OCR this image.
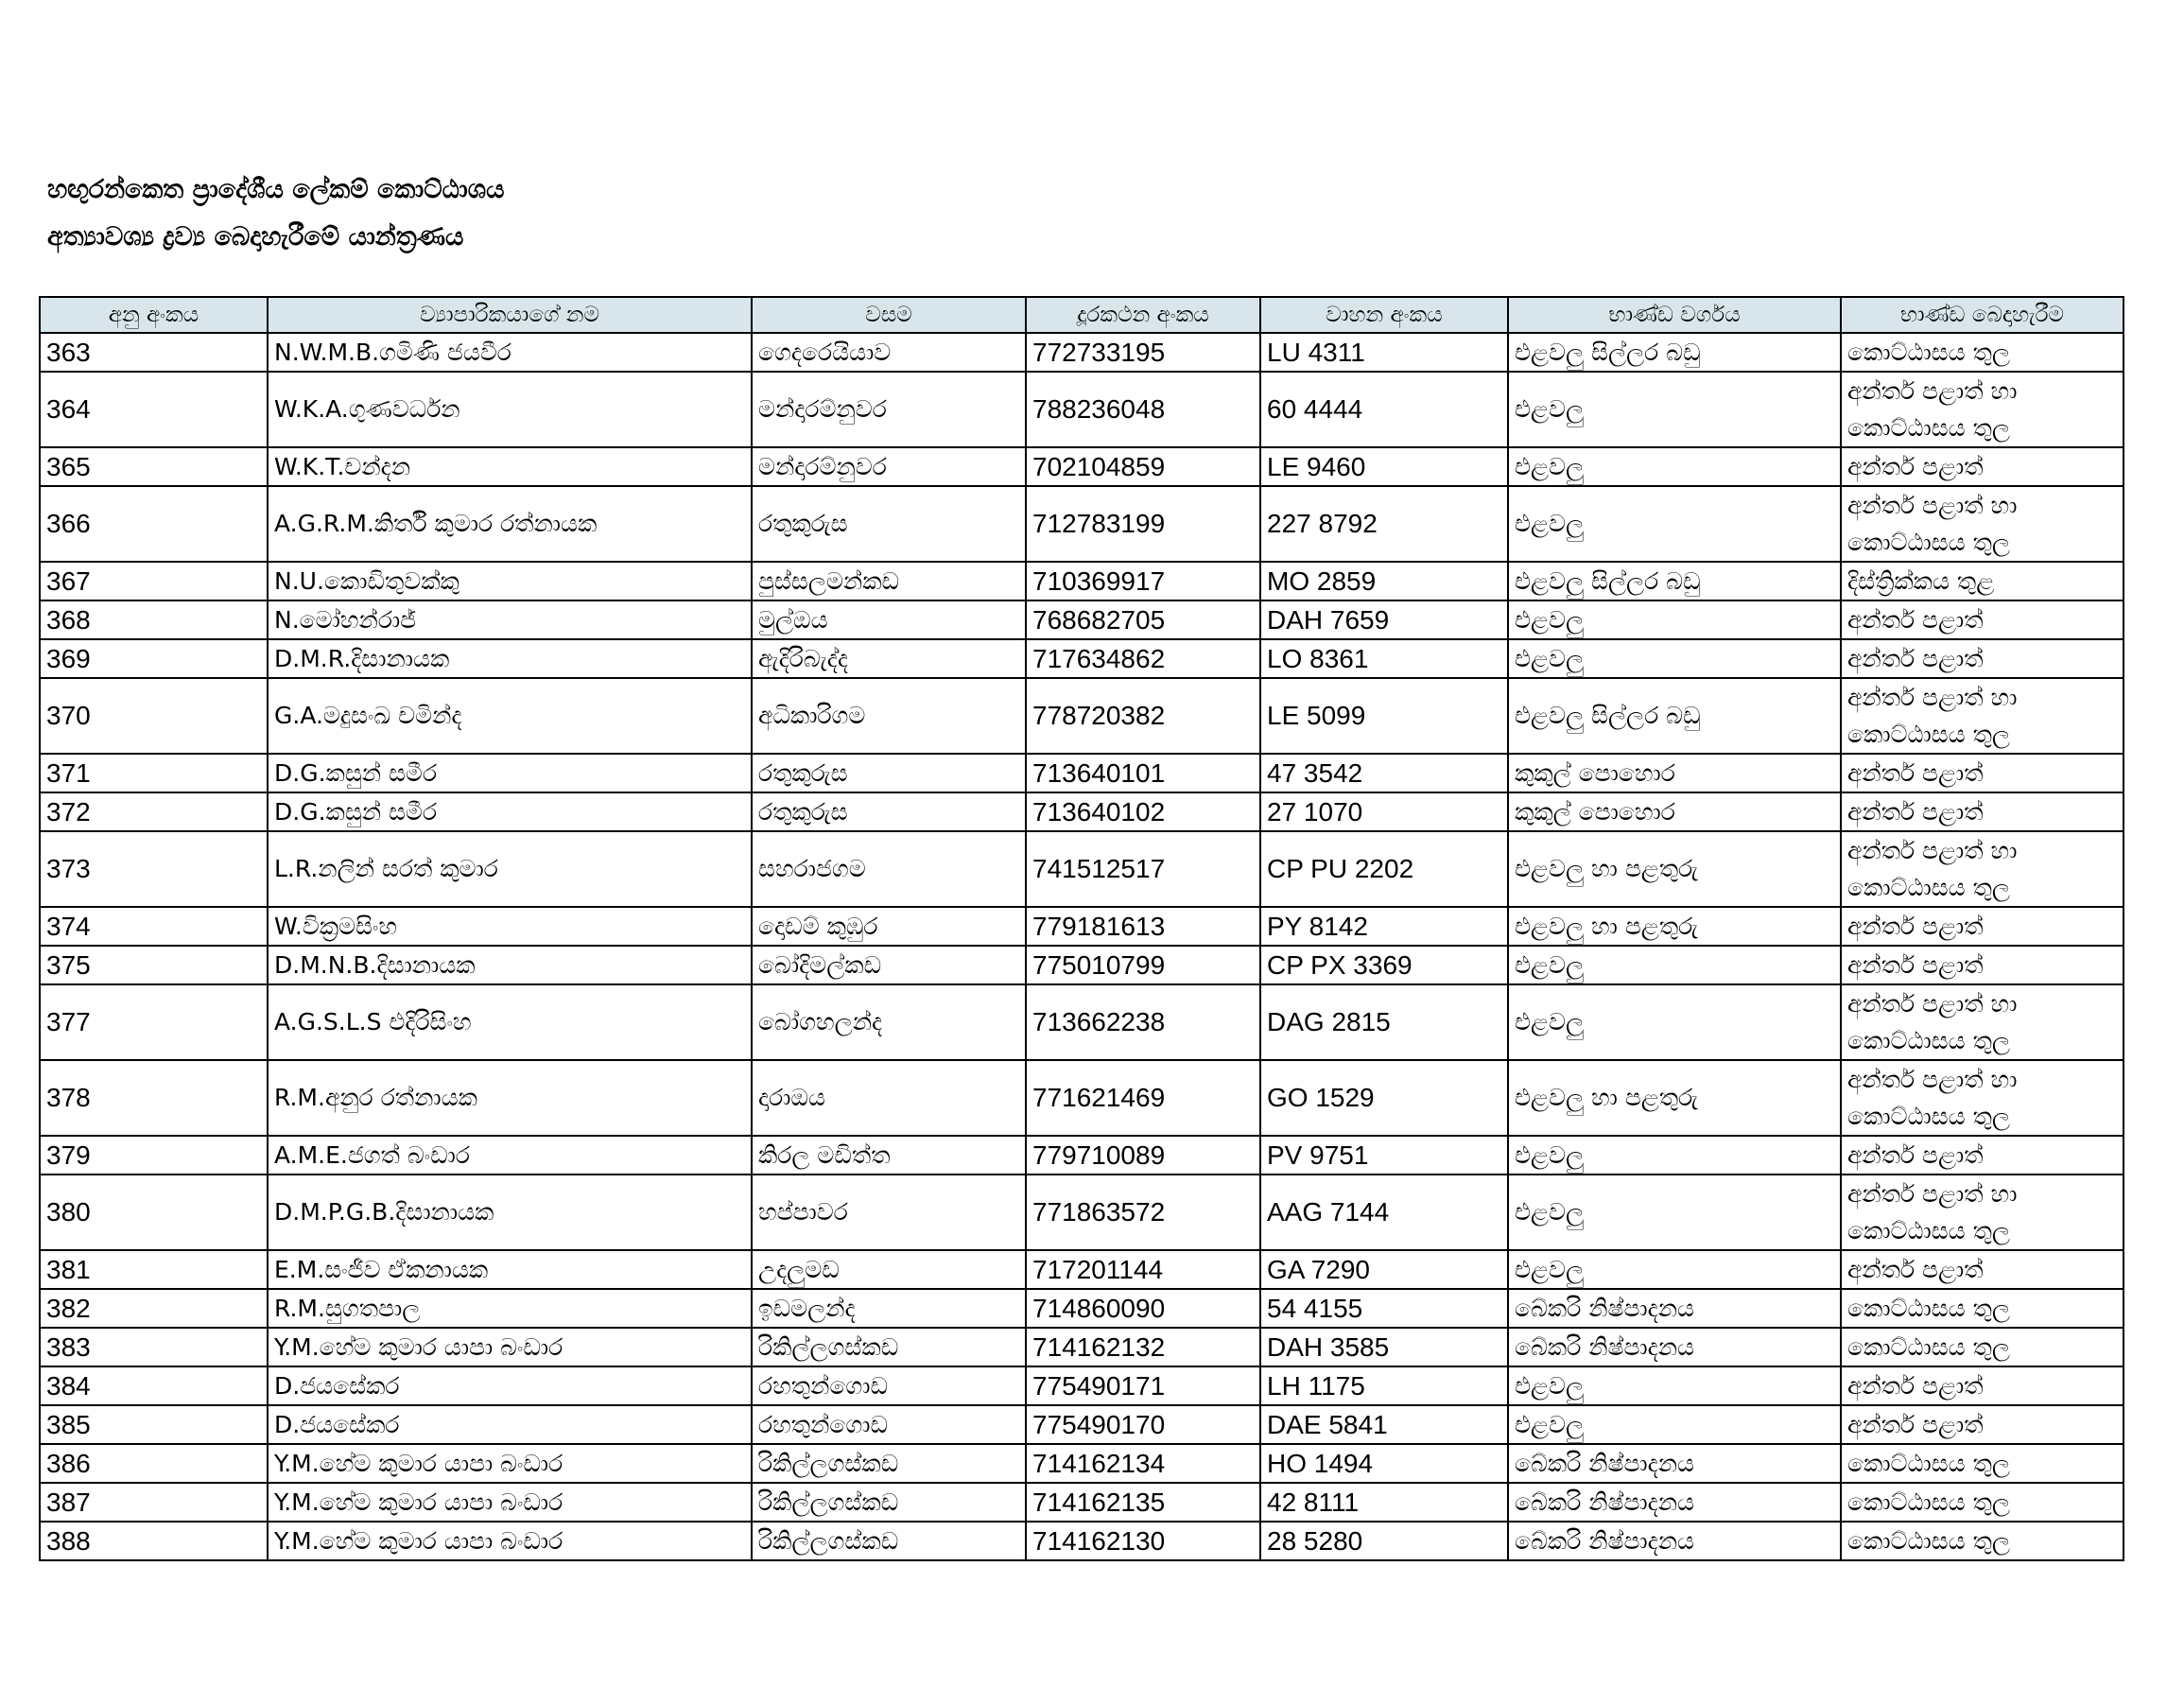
හඟුරන්කෙත ප්‍රාදේශීය ලේකම් කොට්ඨාශය
අත්‍යාවශ්‍ය ද්‍රව්‍ය බෙදාහැරීමේ යාන්ත්‍රණය
අනු අංකය	ව්‍යාපාරිකයාගේ නම	වසම	දූරකථන අංකය	වාහන අංකය	භාණ්ඩ වර්ගය	භාණ්ඩ බෙදාහැරීම
363	N.W.M.B.ගමිණි ජයවීර	ගෙදරෙයියාව	772733195	LU 4311	එළවලු සිල්ලර බඩු	කොට්ඨාසය තුල

364	W.K.A.ගුණවර්ධන	මන්දාරම්නුවර	788236048	60 4444	එළවලු	අන්තර් පළාත් හා
කොට්ඨාසය තුල

365	W.K.T.චන්දන	මන්දාරම්නුවර	702104859	LE 9460	එළවලු	අන්තර් පළාත්

366	A.G.R.M.කිර්ති කුමාර රත්නායක	රතුකුරුස	712783199	227 8792	එළවලු	අන්තර් පළාත් හා
කොට්ඨාසය තුල

367	N.U.කොඩිතුවක්කු	පුස්සලමන්කඩ	710369917	MO 2859	එළවලු සිල්ලර බඩු	දිස්ත්‍රික්කය තුළ

368	N.මෝහන්රාජ්	මුල්ඔය	768682705	DAH 7659	එළවලු	අන්තර් පළාත්

369	D.M.R.දිසානායක	ඇදිරිබැද්ද	717634862	LO 8361	එළවලු	අන්තර් පළාත්

370	G.A.මදුසංඛ චමින්ද	අධිකාරිගම	778720382	LE 5099	එළවලු සිල්ලර බඩු	අන්තර් පළාත් හා
කොට්ඨාසය තුල

371	D.G.කසුන් සමීර	රතුකුරුස	713640101	47 3542	කුකුල් පොහොර	අන්තර් පළාත්

372	D.G.කසුන් සමීර	රතුකුරුස	713640102	27 1070	කුකුල් පොහොර	අන්තර් පළාත්

373	L.R.නලින් සරත් කුමාර	සහරාජගම	741512517	CP PU 2202	එළවලු හා පළතුරු	අන්තර් පළාත් හා
කොට්ඨාසය තුල

374	W.වික්‍රමසිංහ	දොඩම් කුඹුර	779181613	PY 8142	එළවලු හා පළතුරු	අන්තර් පළාත්

375	D.M.N.B.දිසානායක	බෝදිමල්කඩ	775010799	CP PX 3369	එළවලු	අන්තර් පළාත්

377	A.G.S.L.S එදිරිසිංහ	බෝගහලන්ද	713662238	DAG 2815	එළවලු	අන්තර් පළාත් හා
කොට්ඨාසය තුල

378	R.M.අනුර රත්නායක	දාරාඔය	771621469	GO 1529	එළවලු හා පළතුරු	අන්තර් පළාත් හා
කොට්ඨාසය තුල

379	A.M.E.ජගත් බංඩාර	කිරල මඩිත්ත	779710089	PV 9751	එළවලු	අන්තර් පළාත්

380	D.M.P.G.B.දිසානායක	හප්පාවර	771863572	AAG 7144	එළවලු	අන්තර් පළාත් හා
කොට්ඨාසය තුල

381	E.M.සංජීව ඒකනායක	උදලුමඩ	717201144	GA 7290	එළවලු	අන්තර් පළාත්

382	R.M.සුගතපාල	ඉඩමලන්ද	714860090	54 4155	බේකරි නිෂ්පාදනය	කොට්ඨාසය තුල

383	Y.M.හේම කුමාර යාපා බංඩාර	රිකිල්ලගස්කඩ	714162132	DAH 3585	බේකරි නිෂ්පාදනය	කොට්ඨාසය තුල

384	D.ජයසේකර	රහතුන්ගොඩ	775490171	LH 1175	එළවලු	අන්තර් පළාත්

385	D.ජයසේකර	රහතුන්ගොඩ	775490170	DAE 5841	එළවලු	අන්තර් පළාත්

386	Y.M.හේම කුමාර යාපා බංඩාර	රිකිල්ලගස්කඩ	714162134	HO 1494	බේකරි නිෂ්පාදනය	කොට්ඨාසය තුල

387	Y.M.හේම කුමාර යාපා බංඩාර	රිකිල්ලගස්කඩ	714162135	42 8111	බේකරි නිෂ්පාදනය	කොට්ඨාසය තුල

388	Y.M.හේම කුමාර යාපා බංඩාර	රිකිල්ලගස්කඩ	714162130	28 5280	බේකරි නිෂ්පාදනය	කොට්ඨාසය තුල
